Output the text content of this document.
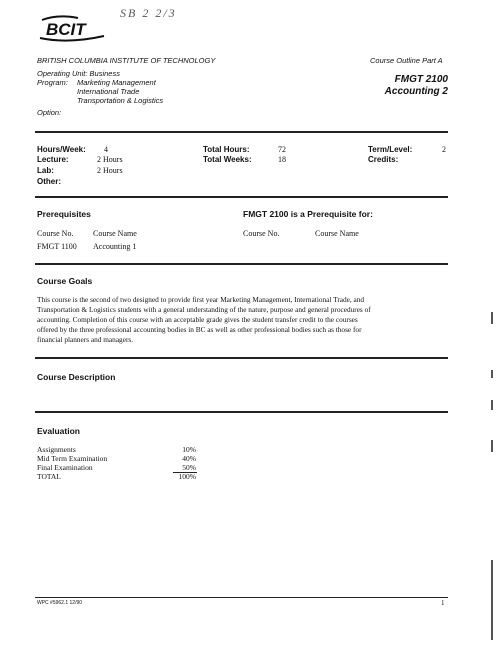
SB 2 2/3
BCIT
BRITISH COLUMBIA INSTITUTE OF TECHNOLOGY	Course Outline Part A
Operating Unit: Business
Program: Marketing Management
International Trade
Transportation & Logistics
Option:
FMGT 2100
Accounting 2
Hours/Week: 4
Lecture:	2 Hours
Lab:	2 Hours
Other:
Total Hours:	72
Total Weeks:	18
Term/Level:	2
Credits:
Prerequisites	FMGT 2100 is a Prerequisite for:
Course No. Course Name	Course No.	Course Name
FMGT 1100 Accounting 1
Course Goals
This course is the second of two designed to provide first year Marketing Management, International Trade, and
Transportation & Logistics students with a general understanding of the nature, purpose and general procedures of
accounting. Completion of this course with an acceptable grade gives the student transfer credit to the courses
offered by the three professional accounting bodies in BC as well as other professional bodies such as those for
financial planners and managers.
Course Description
Evaluation
Assignments	10%
Mid Term Examination	40%
Final Examination	50%
TOTAL	100%
WPC #5962.1 12/90	1
